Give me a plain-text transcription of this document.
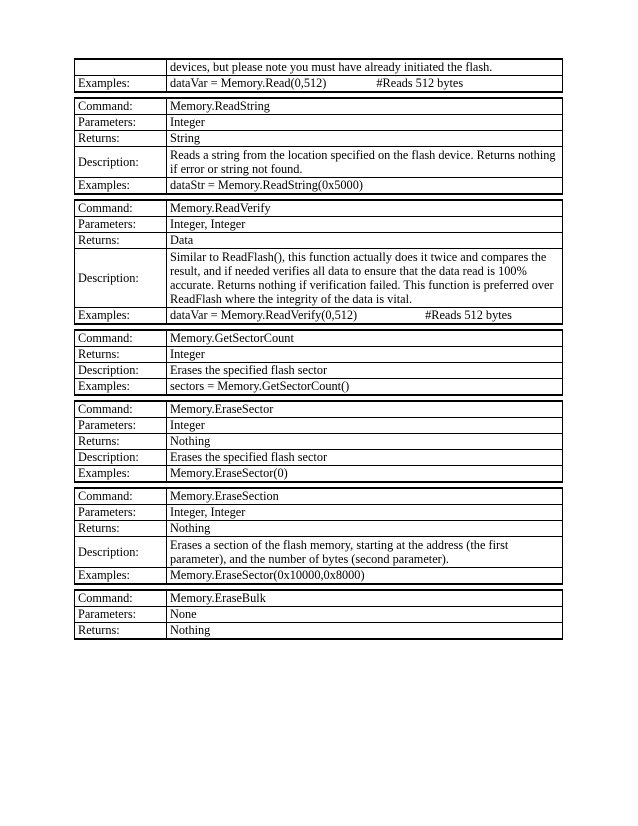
	devices, but please note you must have already initiated the flash.
Examples:	dataVar = Memory.Read(0,512) #Reads 512 bytes
Command:	Memory.ReadString
Parameters:	Integer
Returns:	String
Description:	Reads a string from the location specified on the flash device. Returns nothing if error or string not found.
Examples:	dataStr = Memory.ReadString(0x5000)
Command:	Memory.ReadVerify
Parameters:	Integer, Integer
Returns:	Data
Description:	Similar to ReadFlash(), this function actually does it twice and compares the result, and if needed verifies all data to ensure that the data read is 100% accurate. Returns nothing if verification failed. This function is preferred over ReadFlash where the integrity of the data is vital.
Examples:	dataVar = Memory.ReadVerify(0,512) #Reads 512 bytes
Command:	Memory.GetSectorCount
Returns:	Integer
Description:	Erases the specified flash sector
Examples:	sectors = Memory.GetSectorCount()
Command:	Memory.EraseSector
Parameters:	Integer
Returns:	Nothing
Description:	Erases the specified flash sector
Examples:	Memory.EraseSector(0)
Command:	Memory.EraseSection
Parameters:	Integer, Integer
Returns:	Nothing
Description:	Erases a section of the flash memory, starting at the address (the first parameter), and the number of bytes (second parameter).
Examples:	Memory.EraseSector(0x10000,0x8000)
Command:	Memory.EraseBulk
Parameters:	None
Returns:	Nothing
